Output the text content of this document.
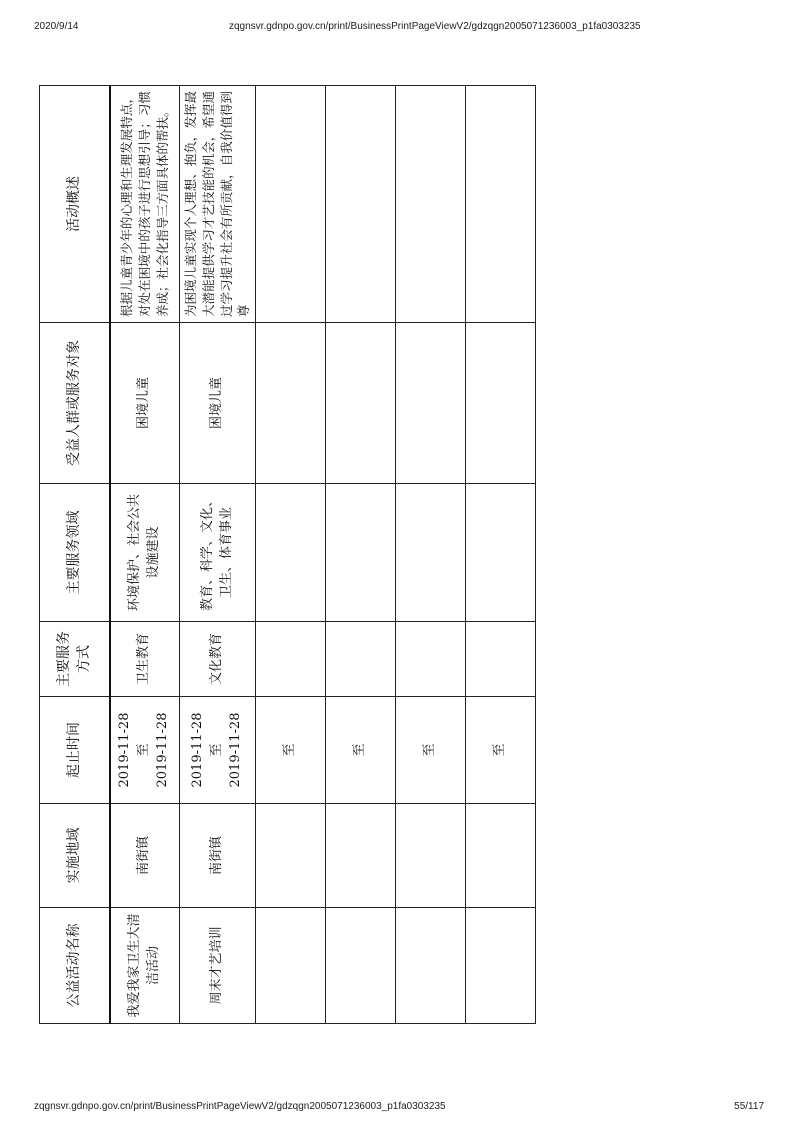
2020/9/14	zqgnsvr.gdnpo.gov.cn/print/BusinessPrintPageViewV2/gdzqgn2005071236003_p1fa0303235
公益活动名称	实施地域	起止时间	主要服务方式	主要服务领域	受益人群或服务对象	活动概述
我爱我家卫生大清洁活动	南街镇	2019-11-28 至 2019-11-28	卫生教育	环境保护、社会公共设施建设	困境儿童	根据儿童青少年的心理和生理发展特点，对处在困境中的孩子进行思想引导；习惯养成；社会化指导三方面具体的帮扶。
周末才艺培训	南街镇	2019-11-28 至 2019-11-28	文化教育	教育、科学、文化、卫生、体育事业	困境儿童	为困境儿童实现个人理想、抱负，发挥最大潜能提供学习才艺技能的机会，希望通过学习提升社会有所贡献，自我价值得到尊
		至				
		至				
		至				
		至				
zqgnsvr.gdnpo.gov.cn/print/BusinessPrintPageViewV2/gdzqgn2005071236003_p1fa0303235	55/117
